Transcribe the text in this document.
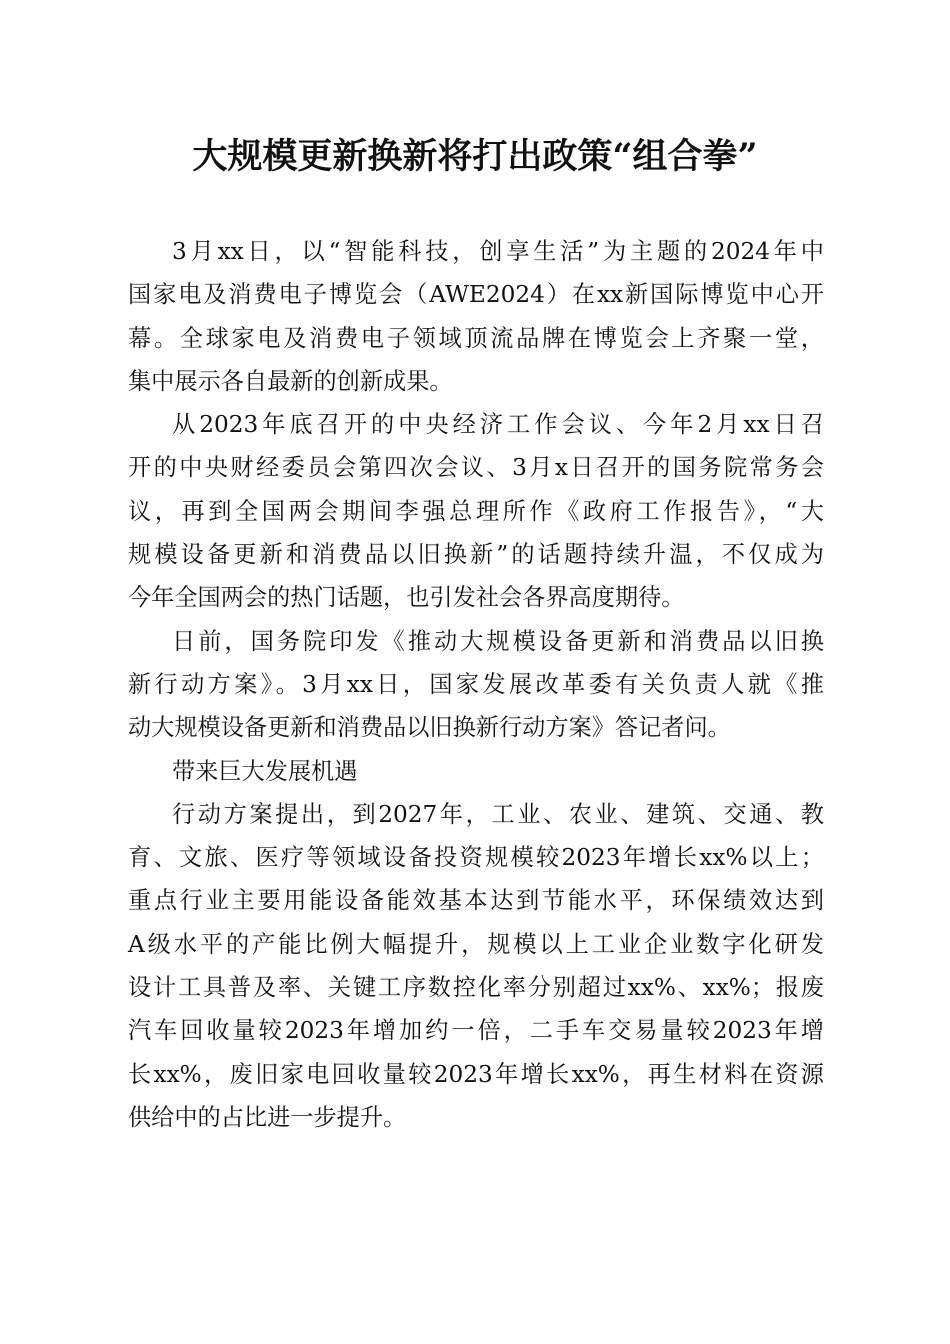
大规模更新换新将打出政策“组合拳”
3月xx日，以“智能科技，创享生活”为主题的2024年中
国家电及消费电子博览会（AWE2024）在xx新国际博览中心开
幕。全球家电及消费电子领域顶流品牌在博览会上齐聚一堂，
集中展示各自最新的创新成果。
从2023年底召开的中央经济工作会议、今年2月xx日召
开的中央财经委员会第四次会议、3月x日召开的国务院常务会
议，再到全国两会期间李强总理所作《政府工作报告》，“大
规模设备更新和消费品以旧换新”的话题持续升温，不仅成为
今年全国两会的热门话题，也引发社会各界高度期待。
日前，国务院印发《推动大规模设备更新和消费品以旧换
新行动方案》。3月xx日，国家发展改革委有关负责人就《推
动大规模设备更新和消费品以旧换新行动方案》答记者问。
带来巨大发展机遇
行动方案提出，到2027年，工业、农业、建筑、交通、教
育、文旅、医疗等领域设备投资规模较2023年增长xx%以上；
重点行业主要用能设备能效基本达到节能水平，环保绩效达到
A级水平的产能比例大幅提升，规模以上工业企业数字化研发
设计工具普及率、关键工序数控化率分别超过xx%、xx%；报废
汽车回收量较2023年增加约一倍，二手车交易量较2023年增
长xx%，废旧家电回收量较2023年增长xx%，再生材料在资源
供给中的占比进一步提升。
